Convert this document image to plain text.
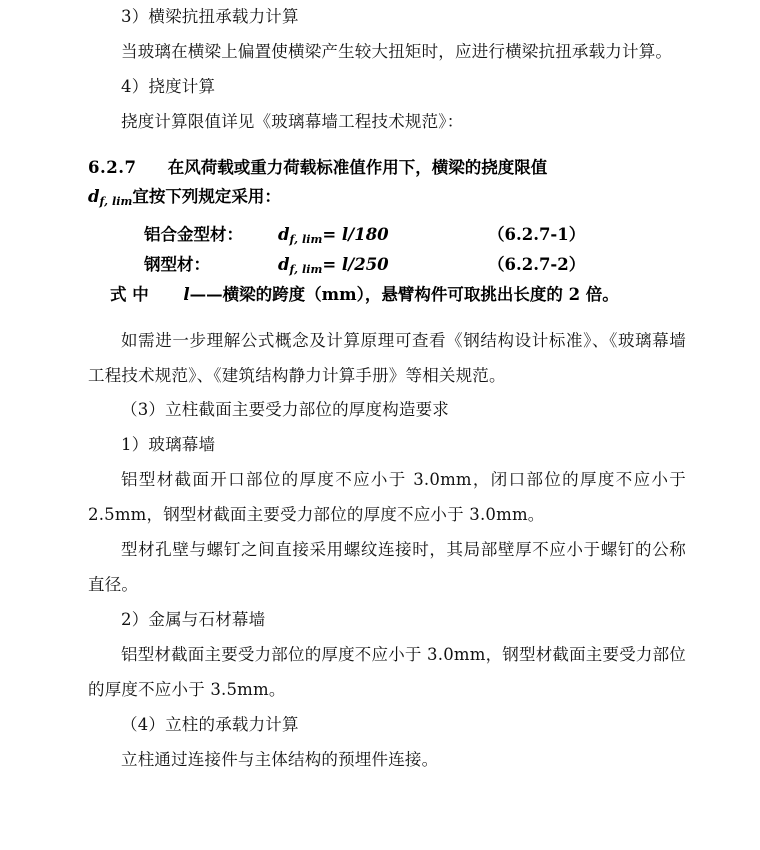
3）横梁抗扭承载力计算

当玻璃在横梁上偏置使横梁产生较大扭矩时，应进行横梁抗扭承载力计算。

4）挠度计算

挠度计算限值详见《玻璃幕墙工程技术规范》：

6.2.7 在风荷载或重力荷载标准值作用下，横梁的挠度限值
$d_{f, lim}$宜按下列规定采用：
铝合金型材：	$d_{f, lim}= l/180$	（6.2.7-1）
钢型材：	$d_{f, lim}= l/250$	（6.2.7-2）
式 中 l——横梁的跨度（mm），悬臂构件可取挑出长度的 2 倍。

如需进一步理解公式概念及计算原理可查看《钢结构设计标准》、《玻璃幕墙工程技术规范》、《建筑结构静力计算手册》等相关规范。

（3）立柱截面主要受力部位的厚度构造要求

1）玻璃幕墙

铝型材截面开口部位的厚度不应小于 3.0mm，闭口部位的厚度不应小于 2.5mm，钢型材截面主要受力部位的厚度不应小于 3.0mm。

型材孔壁与螺钉之间直接采用螺纹连接时，其局部壁厚不应小于螺钉的公称直径。

2）金属与石材幕墙

铝型材截面主要受力部位的厚度不应小于 3.0mm，钢型材截面主要受力部位的厚度不应小于 3.5mm。

（4）立柱的承载力计算

立柱通过连接件与主体结构的预埋件连接。
